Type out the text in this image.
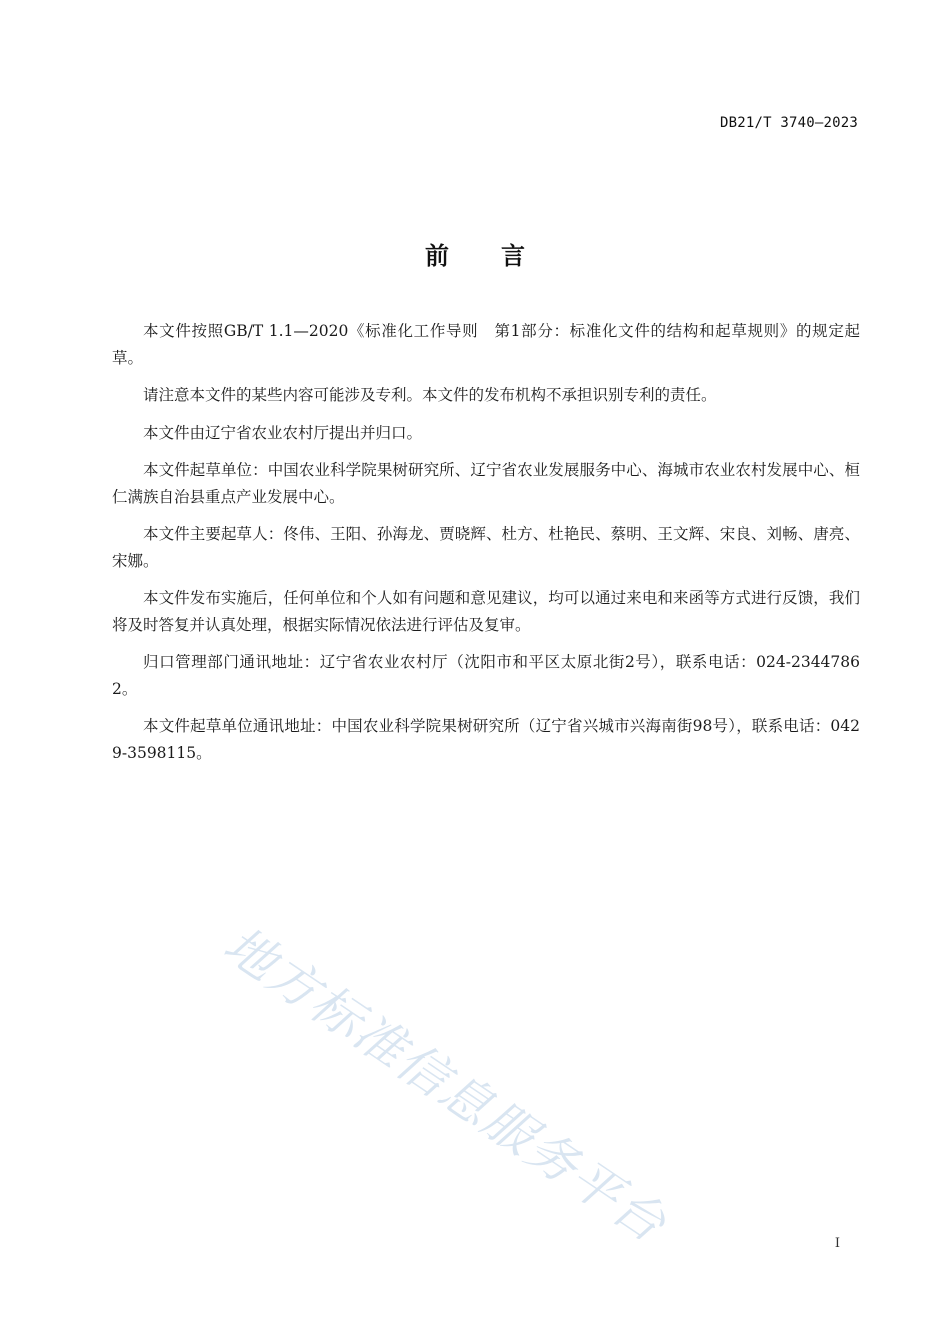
DB21/T 3740—2023
前言

本文件按照GB/T 1.1—2020《标准化工作导则　第1部分：标准化文件的结构和起草规则》的规定起草。

请注意本文件的某些内容可能涉及专利。本文件的发布机构不承担识别专利的责任。

本文件由辽宁省农业农村厅提出并归口。

本文件起草单位：中国农业科学院果树研究所、辽宁省农业发展服务中心、海城市农业农村发展中心、桓仁满族自治县重点产业发展中心。

本文件主要起草人：佟伟、王阳、孙海龙、贾晓辉、杜方、杜艳民、蔡明、王文辉、宋良、刘畅、唐亮、宋娜。

本文件发布实施后，任何单位和个人如有问题和意见建议，均可以通过来电和来函等方式进行反馈，我们将及时答复并认真处理，根据实际情况依法进行评估及复审。

归口管理部门通讯地址：辽宁省农业农村厅（沈阳市和平区太原北街2号），联系电话：024-23447862。

本文件起草单位通讯地址：中国农业科学院果树研究所（辽宁省兴城市兴海南街98号），联系电话：0429-3598115。

地方标准信息服务平台	I
